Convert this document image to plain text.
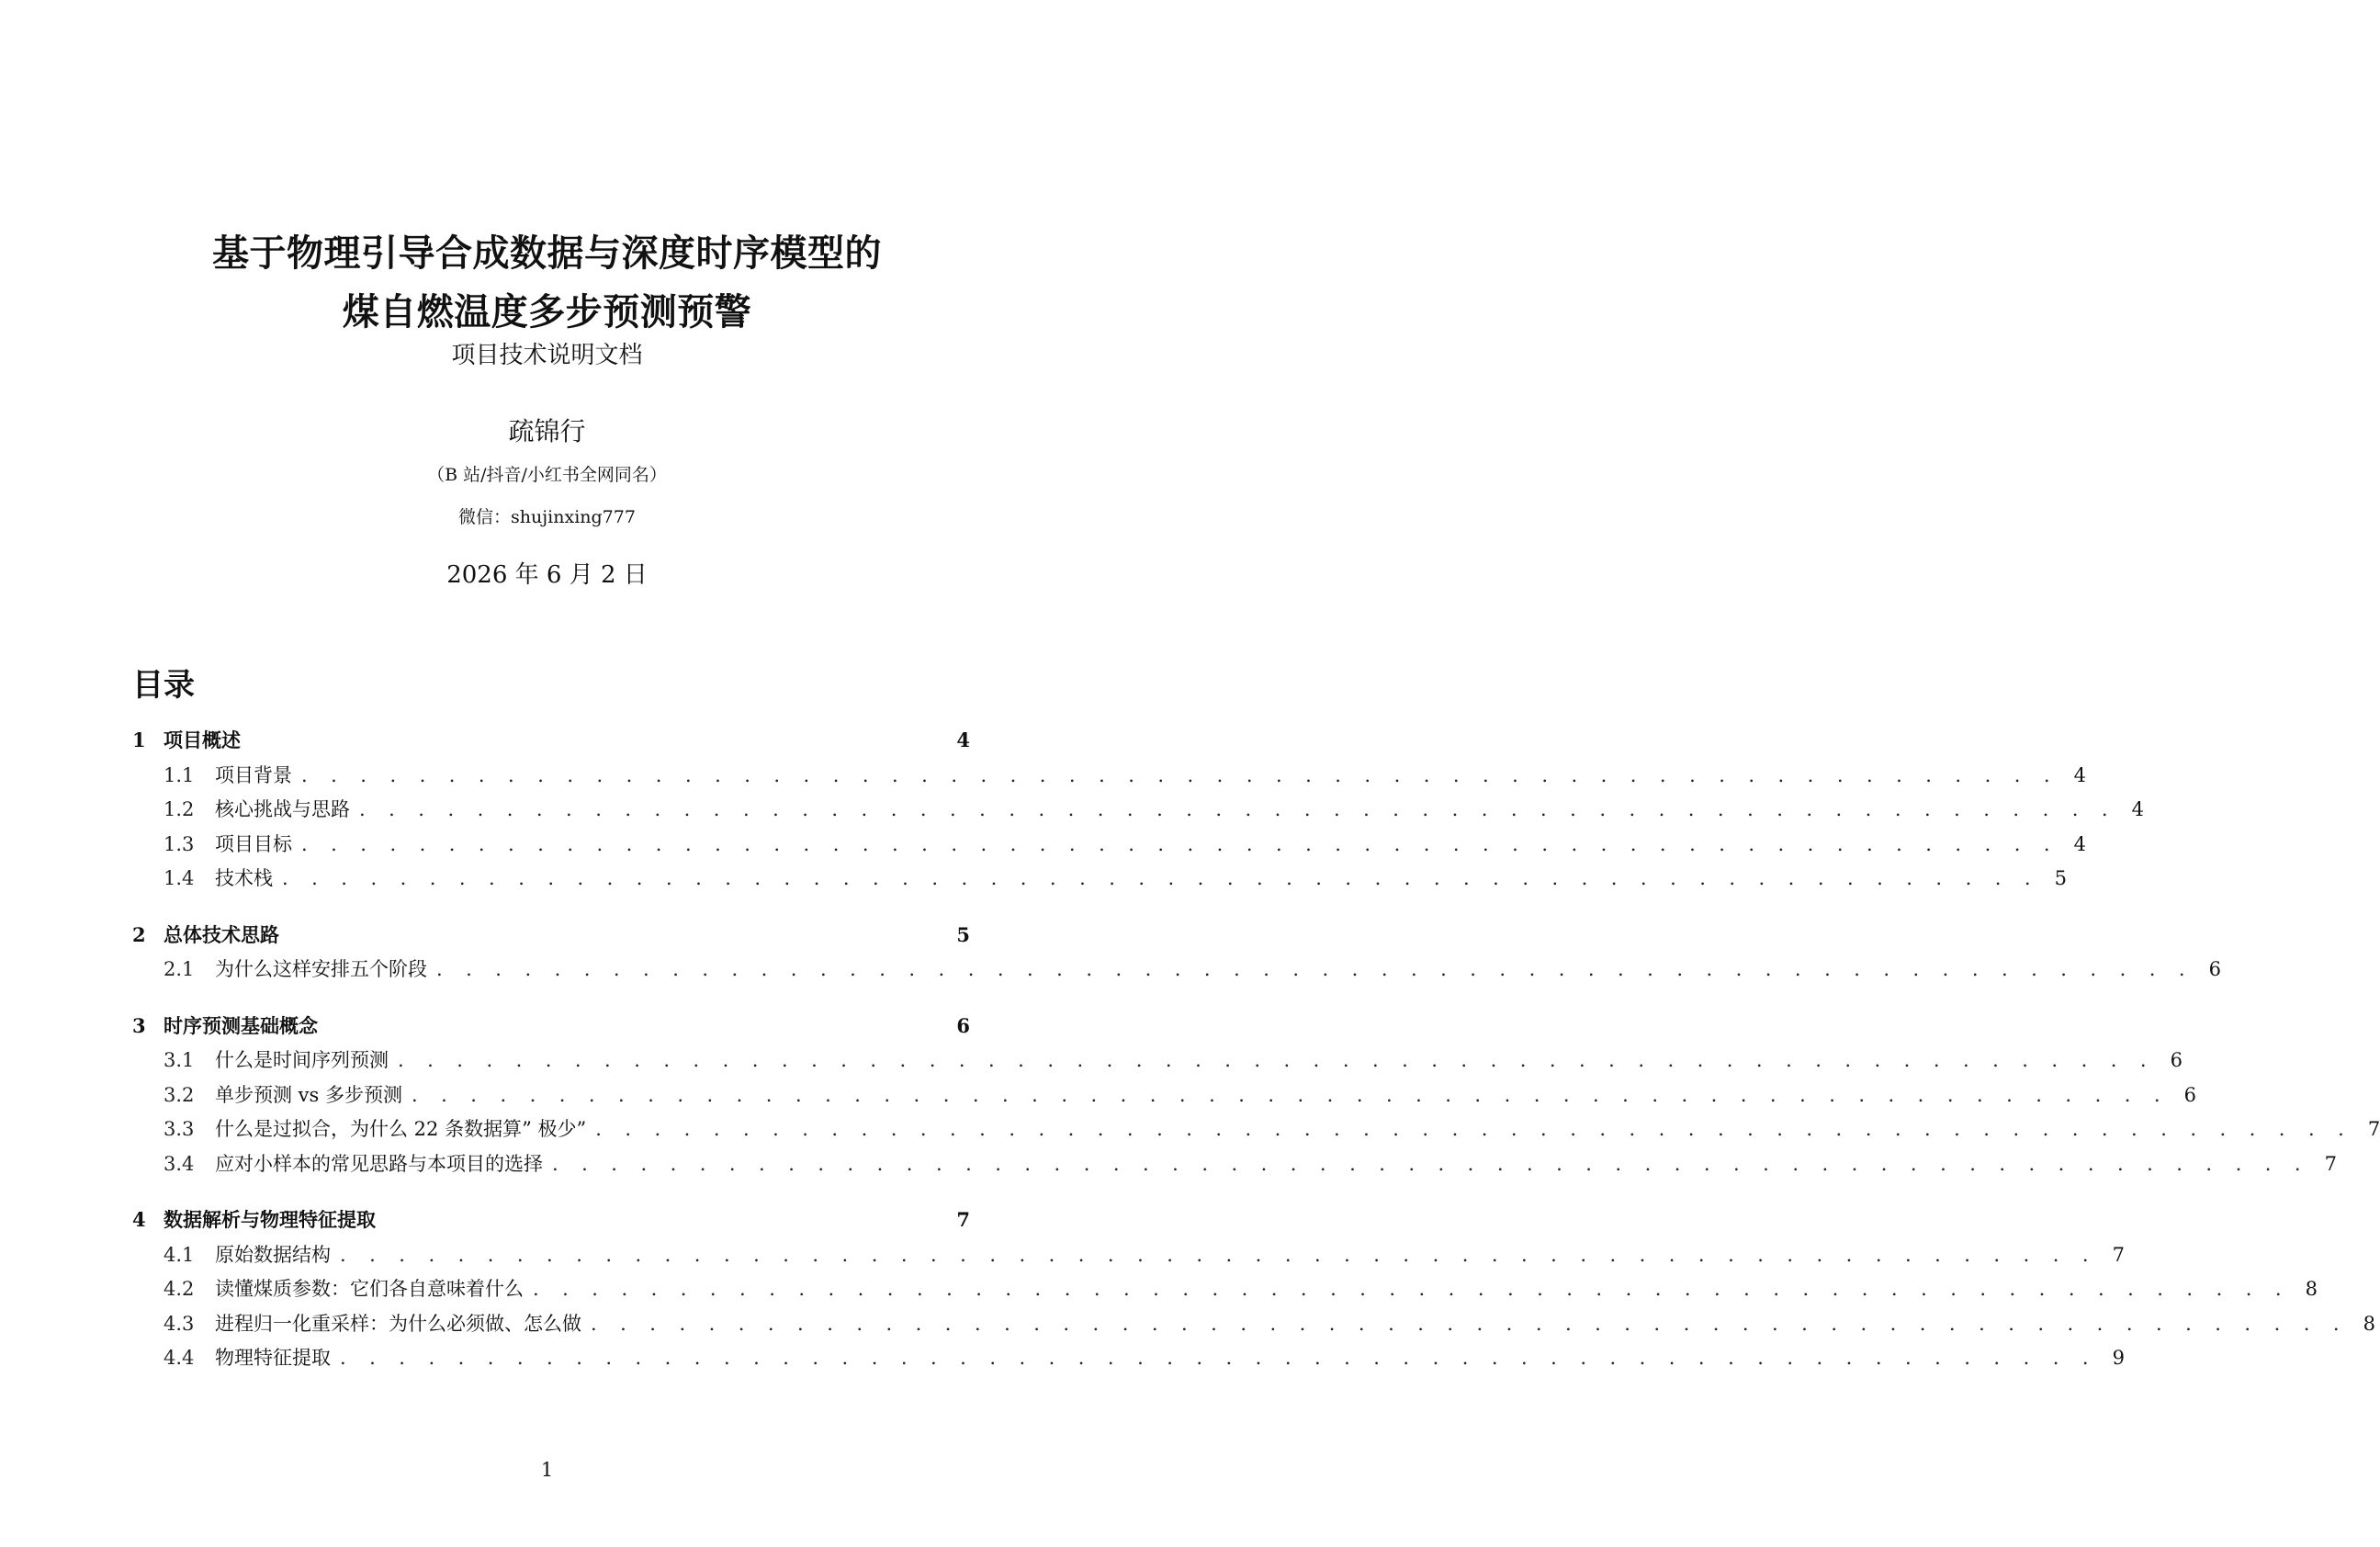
基于物理引导合成数据与深度时序模型的
煤自燃温度多步预测预警
项目技术说明文档
疏锦行
（B 站/抖音/小红书全网同名）
微信：shujinxing777
2026 年 6 月 2 日
目录
1 项目概述	4
1.1	项目背景 . . . . . . . . . . . . . . . . . . . . . . . . . . . . . . . . . . . . . . . . . . . . . . . . . . . . . . . . . . . . 4
1.2	核心挑战与思路 . . . . . . . . . . . . . . . . . . . . . . . . . . . . . . . . . . . . . . . . . . . . . . . . . . . . . . . . . . . . 4
1.3	项目目标 . . . . . . . . . . . . . . . . . . . . . . . . . . . . . . . . . . . . . . . . . . . . . . . . . . . . . . . . . . . . 4
1.4	技术栈 . . . . . . . . . . . . . . . . . . . . . . . . . . . . . . . . . . . . . . . . . . . . . . . . . . . . . . . . . . . . 5
2 总体技术思路	5
2.1	为什么这样安排五个阶段 . . . . . . . . . . . . . . . . . . . . . . . . . . . . . . . . . . . . . . . . . . . . . . . . . . . . . . . . . . . . 6
3 时序预测基础概念	6
3.1	什么是时间序列预测 . . . . . . . . . . . . . . . . . . . . . . . . . . . . . . . . . . . . . . . . . . . . . . . . . . . . . . . . . . . . 6
3.2	单步预测 vs 多步预测 . . . . . . . . . . . . . . . . . . . . . . . . . . . . . . . . . . . . . . . . . . . . . . . . . . . . . . . . . . . . 6
3.3	什么是过拟合，为什么 22 条数据算” 极少” . . . . . . . . . . . . . . . . . . . . . . . . . . . . . . . . . . . . . . . . . . . . . . . . . . . . . . . . . . . . 7
3.4	应对小样本的常见思路与本项目的选择 . . . . . . . . . . . . . . . . . . . . . . . . . . . . . . . . . . . . . . . . . . . . . . . . . . . . . . . . . . . . 7
4 数据解析与物理特征提取	7
4.1	原始数据结构 . . . . . . . . . . . . . . . . . . . . . . . . . . . . . . . . . . . . . . . . . . . . . . . . . . . . . . . . . . . . 7
4.2	读懂煤质参数：它们各自意味着什么 . . . . . . . . . . . . . . . . . . . . . . . . . . . . . . . . . . . . . . . . . . . . . . . . . . . . . . . . . . . . 8
4.3	进程归一化重采样：为什么必须做、怎么做 . . . . . . . . . . . . . . . . . . . . . . . . . . . . . . . . . . . . . . . . . . . . . . . . . . . . . . . . . . . . 8
4.4	物理特征提取 . . . . . . . . . . . . . . . . . . . . . . . . . . . . . . . . . . . . . . . . . . . . . . . . . . . . . . . . . . . . 9
1
